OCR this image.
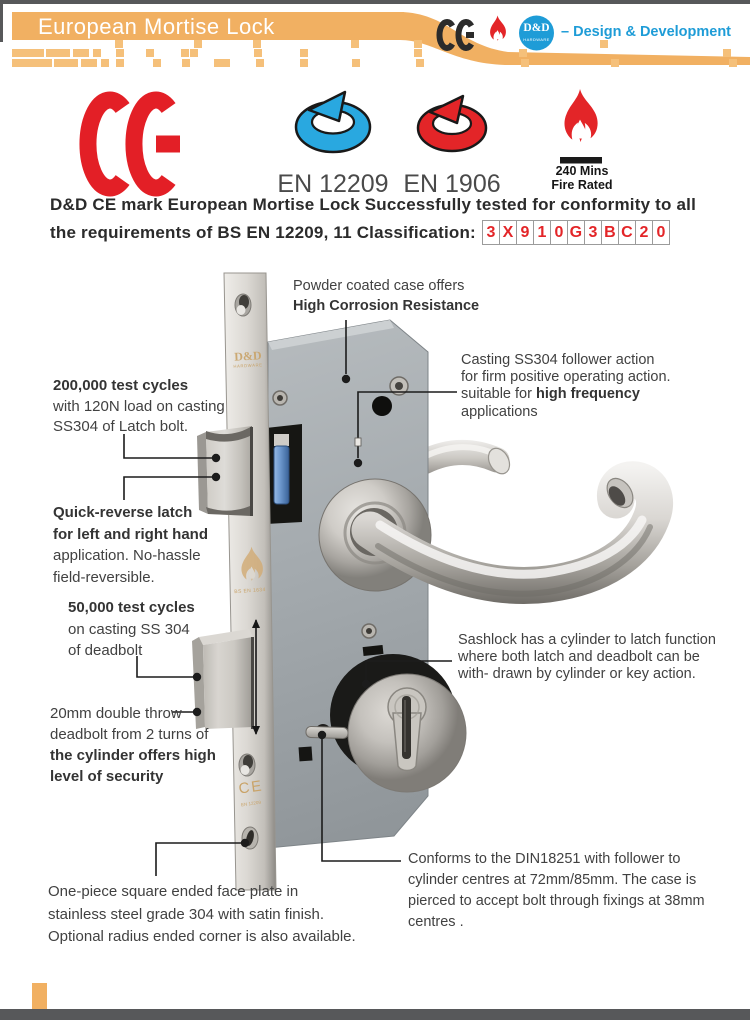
European Mortise Lock	D&D
HARDWARE – Design & Development
EN 12209 EN 1906	240 Mins
Fire Rated
D&D CE mark European Mortise Lock Successfully tested for conformity to all
the requirements of BS EN 12209, 11 Classification: 3 X 9 1 0 G 3 B C 2 0
Powder coated case offers
High Corrosion Resistance
Casting SS304 follower action
for firm positive operating action.
suitable for high frequency
applications
200,000 test cycles
with 120N load on casting
SS304 of Latch bolt.
Quick-reverse latch
for left and right hand
application. No-hassle
field-reversible.
50,000 test cycles
on casting SS 304
of deadbolt
20mm double throw
deadbolt from 2 turns of
the cylinder offers high
level of security
Sashlock has a cylinder to latch function
where both latch and deadbolt can be
with- drawn by cylinder or key action.
Conforms to the DIN18251 with follower to
cylinder centres at 72mm/85mm. The case is
pierced to accept bolt through fixings at 38mm
centres .
One-piece square ended face plate in
stainless steel grade 304 with satin finish.
Optional radius ended corner is also available.
D&D
HARDWARE
BS EN 1634
CE
EN 12209
